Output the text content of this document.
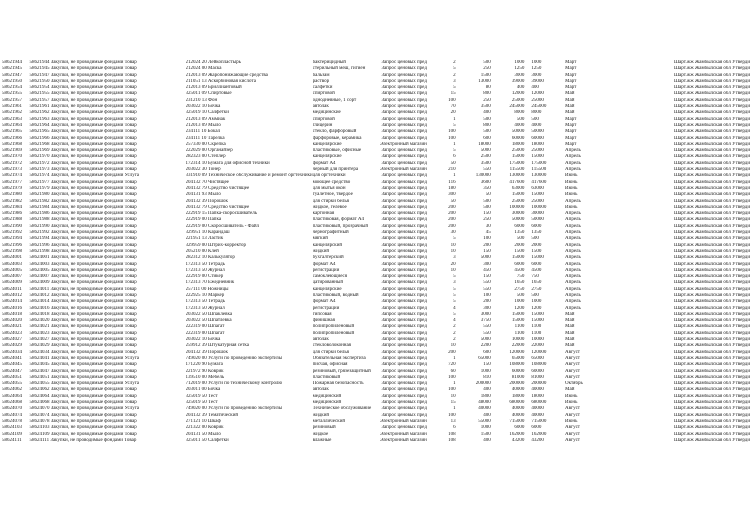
58621944	58621944 Закупки, не проводимые фондами Товар	212024 20 Лейкопластырь	бактерицидный	Запрос ценовых пред	2	500	1000	1000	Март	Шарт.жж Жамбылская обл Утверди
58621945	58621945 Закупки, не проводимые фондами Товар	212024 00 Маска	стерильный меш, гигиен	Запрос ценовых пред	5	250	1250	1250	Март	Шарт.жж Жамбылская обл Утверди
58621947	58621947 Закупки, не проводимые фондами Товар	212013 09 Жаропонижающие средства	бальзам	Запрос ценовых пред	2	1500	3000	3000	Март	Шарт.жж Жамбылская обл Утверди
58621950	58621950 Закупки, не проводимые фондами Товар	211051 13 Аскорбиновая кислота	раствор	Запрос ценовых пред	3	13000	39000	39000	Март	Шарт.жж Жамбылская обл Утверди
58621954	58621954 Закупки, не проводимые фондами Товар	212013 09 Бриллиантовый	салфетки	Запрос ценовых пред	5	80	400	400	Март	Шарт.жж Жамбылская обл Утверди
58621955	58621955 Закупки, не проводимые фондами Товар	325011 09 Спиртовые	спиртовой	Запрос ценовых пред	15	800	12000	12000	Май	Шарт.жж Жамбылская обл Утверди
58621957	58621957 Закупки, не проводимые фондами Товар	231210 13 Фон	однодневные, 1 сорт	Запрос ценовых пред	100	250	25000	25000	Май	Шарт.жж Жамбылская обл Утверди
58621961	58621961 Закупки, не проводимые фондами Товар	203022 10 Бочка	автолак	Запрос ценовых пред	70	3500	245000	245000	Май	Шарт.жж Жамбылская обл Утверди
58621962	58621962 Закупки, не проводимые фондами Товар	325019 10 Салфетки	медицинские	Запрос ценовых пред	20	400	8000	8000	Май	Шарт.жж Жамбылская обл Утверди
58621963	58621963 Закупки, не проводимые фондами Товар	212013 09 Аммиак	спиртовой	Запрос ценовых пред	1	500	500	500	Март	Шарт.жж Жамбылская обл Утверди
58621964	58621964 Закупки, не проводимые фондами Товар	212013 09 Мыло	глицерин	Запрос ценовых пред	5	800	4000	4000	Март	Шарт.жж Жамбылская обл Утверди
58621965	58621965 Закупки, не проводимые фондами Товар	234111 10 Бокал	стекло, фарфоровый	Запрос ценовых пред	100	500	50000	50000	Март	Шарт.жж Жамбылская обл Утверди
58621966	58621966 Закупки, не проводимые фондами Товар	234111 10 Тарелка	фарфоровые, керамика	Запрос ценовых пред	100	600	60000	60000	Март	Шарт.жж Жамбылская обл Утверди
58621968	58621968 Закупки, не проводимые фондами Товар	257330 00 Скрепка	канцелярские	Электронный магазин	1	18000	18000	18000	Март	Шарт.жж Жамбылская обл Утверди
58621969	58621969 Закупки, не проводимые фондами Товар	222029 00 Органайзер	пластиковые, офисные	Запрос ценовых пред	5	5000	25000	25000	Апрель	Шарт.жж Жамбылская обл Утверди
58621970	58621970 Закупки, не проводимые фондами Товар	282323 00 Степлер	канцелярские	Запрос ценовых пред	6	2500	15000	15000	Апрель	Шарт.жж Жамбылская обл Утверди
58621972	58621972 Закупки, не проводимые фондами Товар	172314 10 Бумага для офисной техники	формат А4	Запрос ценовых пред	50	3500	175000	175000	Апрель	Шарт.жж Жамбылская обл Утверди
58621973	58621973 Закупки, не проводимые фондами Товар	203022 30 Тонер	черный для принтера	Электронный магазин	210	550	115500	115500	Апрель	Шарт.жж Жамбылская обл Утверди
58621974	58621974 Закупки, не проводимые фондами Услуга	331910 09 Техническое обслуживание и ремонт оргтехники	для оргтехники	Запрос ценовых пред	1	130000	130000	130000	Июнь	Шарт.жж Жамбылская обл Утверди
58621977	58621977 Закупки, не проводимые фондами Товар	204132 70 Чистящее	моющее средство	Запрос ценовых пред	116	3600	417600	417600	Июнь	Шарт.жж Жамбылская обл Утверди
58621979	58621979 Закупки, не проводимые фондами Товар	204132 79 Средство чистящее	для мытья окон	Запрос ценовых пред	180	350	63000	63000	Июнь	Шарт.жж Жамбылская обл Утверди
58621980	58621980 Закупки, не проводимые фондами Товар	204131 93 Мыло	туалетное, твердое	Запрос ценовых пред	300	50	15000	15000	Июнь	Шарт.жж Жамбылская обл Утверди
58621982	58621982 Закупки, не проводимые фондами Товар	204132 39 Порошок	для стирки белья	Запрос ценовых пред	50	500	25000	25000	Апрель	Шарт.жж Жамбылская обл Утверди
58621984	58621984 Закупки, не проводимые фондами Товар	204132 79 Средство чистящее	жидкое, гелевое	Запрос ценовых пред	200	500	100000	100000	Июнь	Шарт.жж Жамбылская обл Утверди
58621986	58621986 Закупки, не проводимые фондами Товар	222919 15 Папка-скоросшиватель	картонная	Запрос ценовых пред	200	150	30000	30000	Апрель	Шарт.жж Жамбылская обл Утверди
58621988	58621988 Закупки, не проводимые фондами Товар	222919 00 Папка	пластиковая, формат А4	Запрос ценовых пред	200	250	50000	50000	Апрель	Шарт.жж Жамбылская обл Утверди
58621990	58621990 Закупки, не проводимые фондами Товар	222919 00 Скоросшиватель - Файл	пластиковый, прозрачный	Запрос ценовых пред	200	30	6000	6000	Апрель	Шарт.жж Жамбылская обл Утверди
58621992	58621992 Закупки, не проводимые фондами Товар	329951 10 Карандаш	чернографитный	Запрос ценовых пред	30	45	1350	1350	Апрель	Шарт.жж Жамбылская обл Утверди
58621994	58621994 Закупки, не проводимые фондами Товар	221951 13 Ластик	мягкий	Запрос ценовых пред	5	100	500	500	Апрель	Шарт.жж Жамбылская обл Утверди
58621996	58621996 Закупки, не проводимые фондами Товар	329959 00 Штрих-корректор	канцелярский	Запрос ценовых пред	10	200	2000	2000	Апрель	Шарт.жж Жамбылская обл Утверди
58621998	58621998 Закупки, не проводимые фондами Товар	205210 00 Клей	жидкий	Запрос ценовых пред	10	150	1500	1500	Апрель	Шарт.жж Жамбылская обл Утверди
58624001	58624001 Закупки, не проводимые фондами Товар	282312 10 Калькулятор	бухгалтерский	Запрос ценовых пред	3	5000	15000	15000	Апрель	Шарт.жж Жамбылская обл Утверди
58624003	58624003 Закупки, не проводимые фондами Товар	172313 50 Тетрадь	формат А4	Запрос ценовых пред	20	300	6000	6000	Апрель	Шарт.жж Жамбылская обл Утверди
58624005	58624005 Закупки, не проводимые фондами Товар	172313 50 Журнал	регистрации	Запрос ценовых пред	10	450	4500	4500	Апрель	Шарт.жж Жамбылская обл Утверди
58624007	58624007 Закупки, не проводимые фондами Товар	222919 00 Стикер	самоклеющиеся	Запрос ценовых пред	5	150	750	750	Апрель	Шарт.жж Жамбылская обл Утверди
58624009	58624009 Закупки, не проводимые фондами Товар	172313 70 Ежедневник	датированный	Запрос ценовых пред	3	550	1650	1650	Апрель	Шарт.жж Жамбылская обл Утверди
58624011	58624011 Закупки, не проводимые фондами Товар	257111 00 Ножницы	канцелярские	Запрос ценовых пред	5	550	2750	2750	Апрель	Шарт.жж Жамбылская обл Утверди
58624012	58624012 Закупки, не проводимые фондами Товар	222925 10 Маркер	пластиковый, водный	Запрос ценовых пред	5	100	500	500	Апрель	Шарт.жж Жамбылская обл Утверди
58624014	58624014 Закупки, не проводимые фондами Товар	172313 50 Тетрадь	формат А4	Запрос ценовых пред	5	200	1000	1000	Апрель	Шарт.жж Жамбылская обл Утверди
58624016	58624016 Закупки, не проводимые фондами Товар	172313 50 Журнал	регистрации	Запрос ценовых пред	4	300	1200	1200	Апрель	Шарт.жж Жамбылская обл Утверди
58624018	58624018 Закупки, не проводимые фондами Товар	203022 50 Шпаклевка	гипсовая	Запрос ценовых пред	5	3000	15000	15000	Май	Шарт.жж Жамбылская обл Утверди
58624020	58624020 Закупки, не проводимые фондами Товар	203022 50 Шпатлевка	финишная	Запрос ценовых пред	4	3750	15000	15000	Май	Шарт.жж Жамбылская обл Утверди
58624021	58624021 Закупки, не проводимые фондами Товар	222319 00 Шпагат	полипропиленовый	Запрос ценовых пред	2	550	1100	1100	Май	Шарт.жж Жамбылская обл Утверди
58624023	58624023 Закупки, не проводимые фондами Товар	222319 00 Шпагат	полипропиленовый	Запрос ценовых пред	2	550	1100	1100	Май	Шарт.жж Жамбылская обл Утверди
58624027	58624027 Закупки, не проводимые фондами Товар	203022 10 Бочка	автолак	Запрос ценовых пред	2	5000	10000	10000	Май	Шарт.жж Жамбылская обл Утверди
58624029	58624029 Закупки, не проводимые фондами Товар	259912 39 Штукатурная сетка	стекловолоконная	Запрос ценовых пред	10	2200	22000	22000	Май	Шарт.жж Жамбылская обл Утверди
58624034	58624034 Закупки, не проводимые фондами Товар	204132 39 Порошок	для стирки белья	Запрос ценовых пред	200	600	120000	120000	Август	Шарт.жж Жамбылская обл Утверди
58624041	58624041 Закупки, не проводимые фондами Услуга	749020 00 Услуги по проведению экспертизы	Обязательная экспертиза	Запрос ценовых пред	1	65000	65000	65000	Август	Шарт.жж Жамбылская обл Утверди
58624045	58624045 Закупки, не проводимые фондами Товар	171220 90 Бумага	писчая, офисная	Запрос ценовых пред	720	150	108000	108000	Август	Шарт.жж Жамбылская обл Утверди
58624047	58624047 Закупки, не проводимые фондами Товар	221972 90 Коврик	резиновый, грязезащитный	Запрос ценовых пред	60	1000	60000	60000	Август	Шарт.жж Жамбылская обл Утверди
58624051	58624051 Закупки, не проводимые фондами Товар	139510 00 Мебель	пластиковый	Запрос ценовых пред	100	810	81000	81000	Август	Шарт.жж Жамбылская обл Утверди
58624055	58624055 Закупки, не проводимые фондами Услуга	712019 00 Услуги по техническому контролю	Пожарная безопасность	Запрос ценовых пред	1	200000	200000	200000	Октябрь	Шарт.жж Жамбылская обл Утверди
58624062	58624062 Закупки, не проводимые фондами Товар	203011 00 Бочка	автолак	Запрос ценовых пред	100	400	40000	40000	Май	Шарт.жж Жамбылская обл Утверди
58624064	58624064 Закупки, не проводимые фондами Товар	325019 50 Тест	медицинский	Запрос ценовых пред	10	1800	18000	18000	Июнь	Шарт.жж Жамбылская обл Утверди
58624068	58624068 Закупки, не проводимые фондами Товар	325019 50 Тест	медицинский	Запрос ценовых пред	15	48000	680000	680000	Июнь	Шарт.жж Жамбылская обл Утверди
58624070	58624070 Закупки, не проводимые фондами Услуга	749020 00 Услуги по проведению экспертизы	Техническое обслуживание	Запрос ценовых пред	1	40000	40000	40000	Август	Шарт.жж Жамбылская обл Утверди
58624074	58624074 Закупки, не проводимые фондами Товар	204132 39 Тематический	жидкий	Запрос ценовых пред	100	400	40000	40000	Август	Шарт.жж Жамбылская обл Утверди
58624078	58624078 Закупки, не проводимые фондами Товар	271121 10 Шкаф	металлический	Электронный магазин	13	55000	715000	715000	Июнь	Шарт.жж Жамбылская обл Утверди
58624103	58624103 Закупки, не проводимые фондами Товар	221322 00 Коврик	резиновый	Запрос ценовых пред	6	1000	6000	6000	Август	Шарт.жж Жамбылская обл Утверди
58624109	58624109 Закупки, не проводимые фондами Товар	204131 50 Мыло	жидкое	Электронный магазин	108	1500	162000	162000	Август	Шарт.жж Жамбылская обл Утверди
58624111	58624111 Закупки, не проводимые фондами Товар	325011 50 Салфетки	влажные	Электронный магазин	108	400	43200	43200	Август	Шарт.жж Жамбылская обл Утверди
